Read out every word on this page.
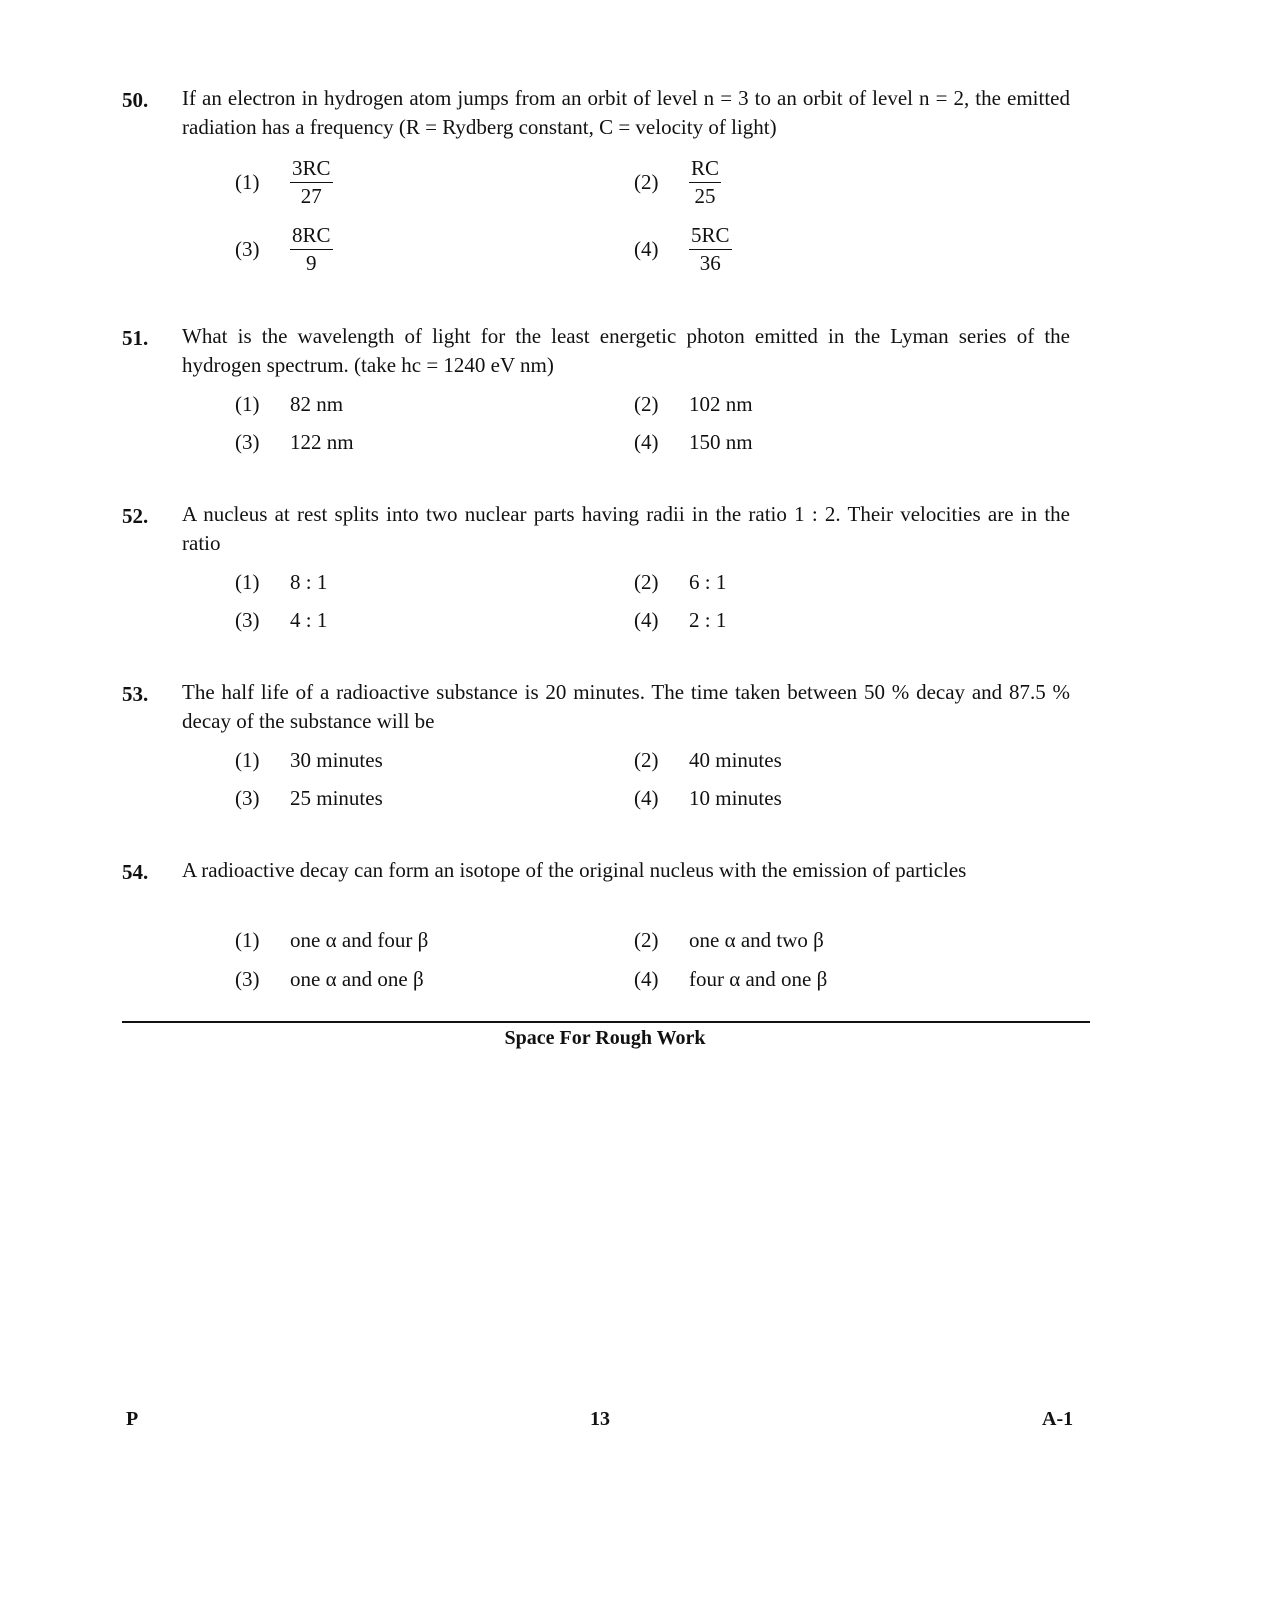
50. If an electron in hydrogen atom jumps from an orbit of level n = 3 to an orbit of level n = 2, the emitted radiation has a frequency (R = Rydberg constant, C = velocity of light)
(1)	$\frac{3RC}{27}$	(2)	$\frac{RC}{25}$
(3)	$\frac{8RC}{9}$	(4)	$\frac{5RC}{36}$
51. What is the wavelength of light for the least energetic photon emitted in the Lyman series of the hydrogen spectrum. (take hc = 1240 eV nm)
(1)	82 nm	(2)	102 nm
(3)	122 nm	(4)	150 nm
52. A nucleus at rest splits into two nuclear parts having radii in the ratio 1 : 2. Their velocities are in the ratio
(1)	8 : 1	(2)	6 : 1
(3)	4 : 1	(4)	2 : 1
53. The half life of a radioactive substance is 20 minutes. The time taken between 50 % decay and 87.5 % decay of the substance will be
(1)	30 minutes	(2)	40 minutes
(3)	25 minutes	(4)	10 minutes
54. A radioactive decay can form an isotope of the original nucleus with the emission of particles
(1)	one α and four β	(2)	one α and two β
(3)	one α and one β	(4)	four α and one β
Space For Rough Work
P	13	A-1
